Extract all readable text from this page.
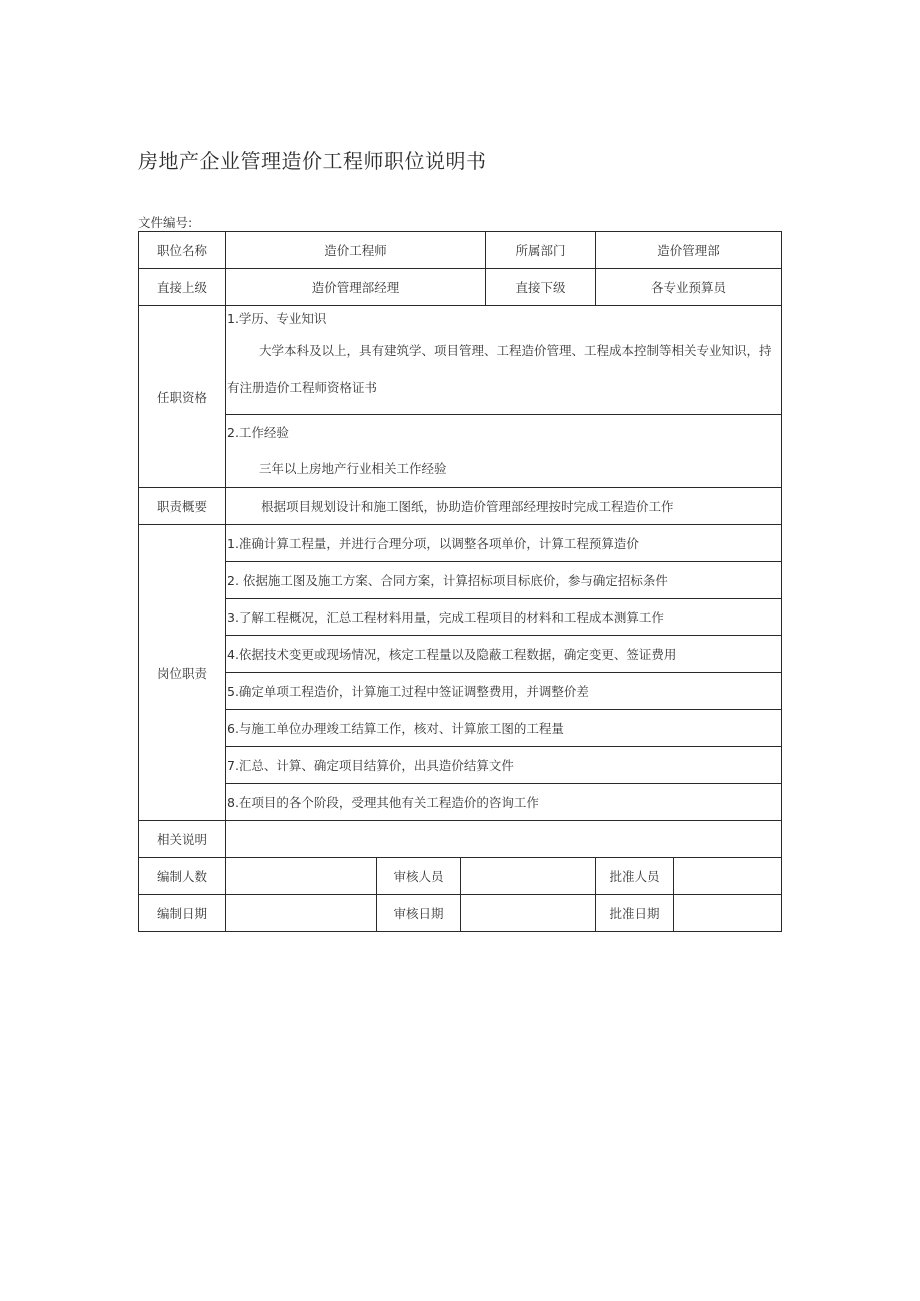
房地产企业管理造价工程师职位说明书
文件编号:
职位名称	造价工程师			所属部门	造价管理部	
直接上级	造价管理部经理			直接下级	各专业预算员	
任职资格	1.学历、专业知识
大学本科及以上，具有建筑学、项目管理、工程造价管理、工程成本控制等相关专业知识，持有注册造价工程师资格证书					

	2.工作经验
三年以上房地产行业相关工作经验					

职责概要	根据项目规划设计和施工图纸，协助造价管理部经理按时完成工程造价工作					
岗位职责	1.准确计算工程量，并进行合理分项，以调整各项单价，计算工程预算造价					
	2. 依据施工图及施工方案、合同方案，计算招标项目标底价，参与确定招标条件					
	3.了解工程概况，汇总工程材料用量，完成工程项目的材料和工程成本测算工作					
	4.依据技术变更或现场情况，核定工程量以及隐蔽工程数据，确定变更、签证费用					
	5.确定单项工程造价，计算施工过程中签证调整费用，并调整价差					
	6.与施工单位办理竣工结算工作，核对、计算旅工图的工程量					
	7.汇总、计算、确定项目结算价，出具造价结算文件					
	8.在项目的各个阶段，受理其他有关工程造价的咨询工作					
相关说明						
编制人数		审核人员			批准人员	
编制日期		审核日期			批准日期	
